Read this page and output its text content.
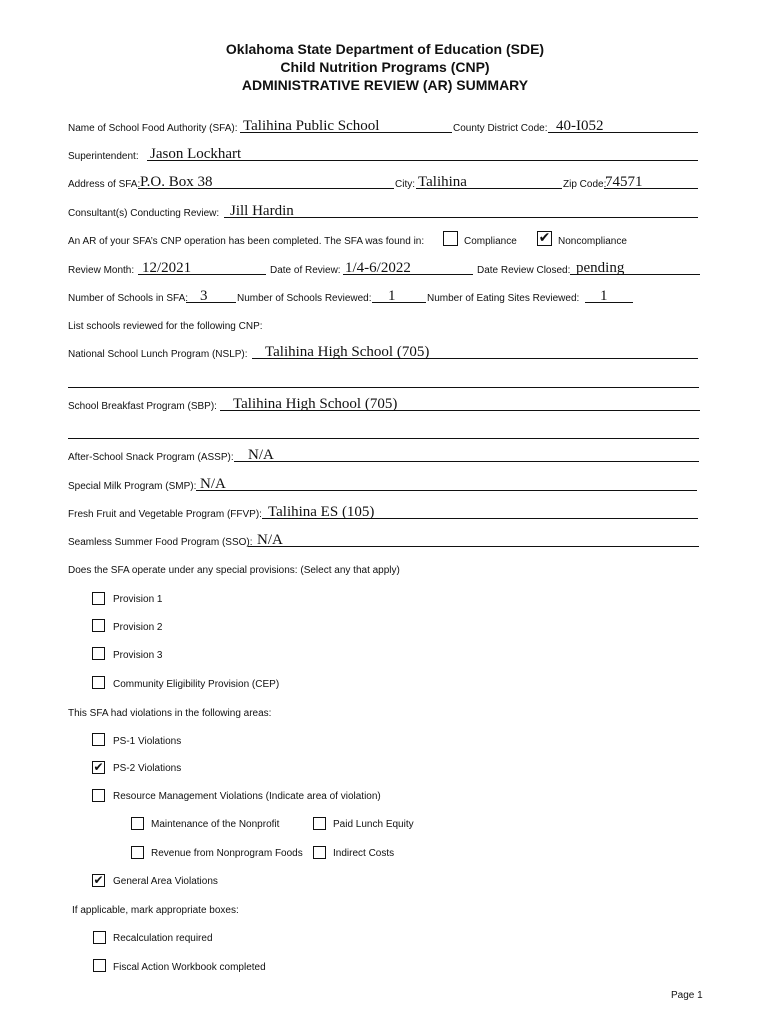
Oklahoma State Department of Education (SDE)
Child Nutrition Programs (CNP)
ADMINISTRATIVE REVIEW (AR) SUMMARY
Name of School Food Authority (SFA): Talihina Public School	County District Code: 40-I052
Superintendent: Jason Lockhart
Address of SFA: P.O. Box 38	City: Talihina	Zip Code:
74571
Consultant(s) Conducting Review: Jill Hardin
An AR of your SFA’s CNP operation has been completed. The SFA was found in:	Compliance ✔ Noncompliance
Review Month: 12/2021	Date of Review: 1/4-6/2022	Date Review Closed: pending
Number of Schools in SFA: 3	Number of Schools Reviewed: 1	Number of Eating Sites Reviewed: 1
List schools reviewed for the following CNP:
National School Lunch Program (NSLP): Talihina High School (705)
School Breakfast Program (SBP): Talihina High School (705)
After-School Snack Program (ASSP): N/A
Special Milk Program (SMP): N/A
Fresh Fruit and Vegetable Program (FFVP): Talihina ES (105)
Seamless Summer Food Program (SSO): N/A
Does the SFA operate under any special provisions: (Select any that apply)
Provision 1
Provision 2
Provision 3
Community Eligibility Provision (CEP)
This SFA had violations in the following areas:
PS-1 Violations
✔ PS-2 Violations
Resource Management Violations (Indicate area of violation)
Maintenance of the Nonprofit	Paid Lunch Equity
Revenue from Nonprogram Foods	Indirect Costs
✔ General Area Violations
If applicable, mark appropriate boxes:
Recalculation required
Fiscal Action Workbook completed
Page 1
